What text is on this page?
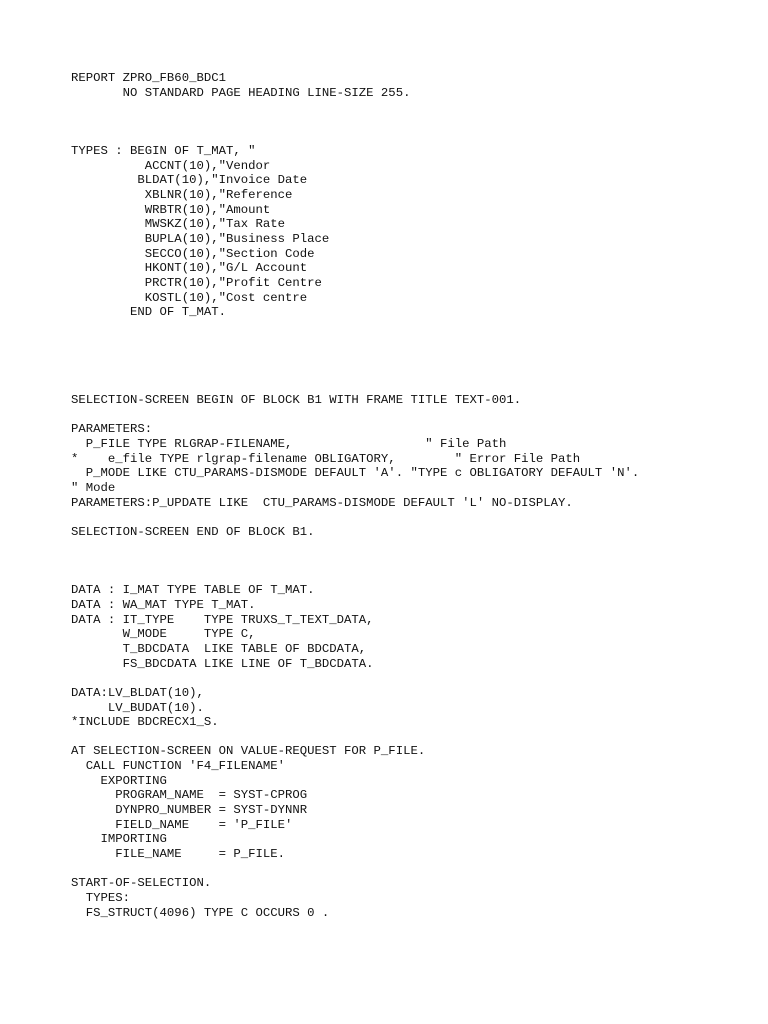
REPORT ZPRO_FB60_BDC1
NO STANDARD PAGE HEADING LINE-SIZE 255.
TYPES : BEGIN OF T_MAT, "
ACCNT(10),"Vendor
BLDAT(10),"Invoice Date
XBLNR(10),"Reference
WRBTR(10),"Amount
MWSKZ(10),"Tax Rate
BUPLA(10),"Business Place
SECCO(10),"Section Code
HKONT(10),"G/L Account
PRCTR(10),"Profit Centre
KOSTL(10),"Cost centre
END OF T_MAT.
SELECTION-SCREEN BEGIN OF BLOCK B1 WITH FRAME TITLE TEXT-001.
PARAMETERS:
P_FILE TYPE RLGRAP-FILENAME,                  " File Path
*    e_file TYPE rlgrap-filename OBLIGATORY,        " Error File Path
P_MODE LIKE CTU_PARAMS-DISMODE DEFAULT 'A'. "TYPE c OBLIGATORY DEFAULT 'N'.
" Mode
PARAMETERS:P_UPDATE LIKE  CTU_PARAMS-DISMODE DEFAULT 'L' NO-DISPLAY.
SELECTION-SCREEN END OF BLOCK B1.
DATA : I_MAT TYPE TABLE OF T_MAT.
DATA : WA_MAT TYPE T_MAT.
DATA : IT_TYPE    TYPE TRUXS_T_TEXT_DATA,
W_MODE     TYPE C,
T_BDCDATA  LIKE TABLE OF BDCDATA,
FS_BDCDATA LIKE LINE OF T_BDCDATA.
DATA:LV_BLDAT(10),
LV_BUDAT(10).
*INCLUDE BDCRECX1_S.
AT SELECTION-SCREEN ON VALUE-REQUEST FOR P_FILE.
CALL FUNCTION 'F4_FILENAME'
EXPORTING
PROGRAM_NAME  = SYST-CPROG
DYNPRO_NUMBER = SYST-DYNNR
FIELD_NAME    = 'P_FILE'
IMPORTING
FILE_NAME     = P_FILE.
START-OF-SELECTION.
TYPES:
FS_STRUCT(4096) TYPE C OCCURS 0 .
